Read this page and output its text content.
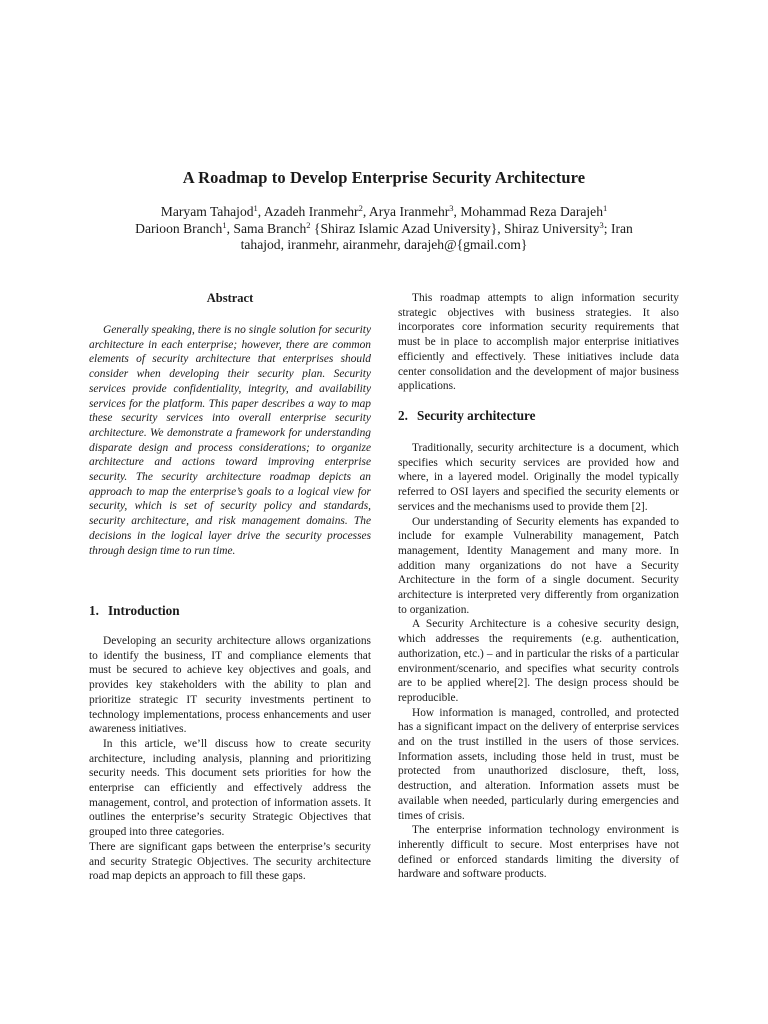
A Roadmap to Develop Enterprise Security Architecture
Maryam Tahajod$^1$, Azadeh Iranmehr$^2$, Arya Iranmehr$^3$, Mohammad Reza Darajeh$^1$
Darioon Branch$^1$, Sama Branch$^2$ {Shiraz Islamic Azad University}, Shiraz University$^3$; Iran
tahajod, iranmehr, airanmehr, darajeh@{gmail.com}
Abstract

Generally speaking, there is no single solution for security architecture in each enterprise; however, there are common elements of security architecture that enterprises should consider when developing their security plan. Security services provide confidentiality, integrity, and availability services for the platform. This paper describes a way to map these security services into overall enterprise security architecture. We demonstrate a framework for understanding disparate design and process considerations; to organize architecture and actions toward improving enterprise security. The security architecture roadmap depicts an approach to map the enterprise’s goals to a logical view for security, which is set of security policy and standards, security architecture, and risk management domains. The decisions in the logical layer drive the security processes through design time to run time.

1. Introduction

Developing an security architecture allows organizations to identify the business, IT and compliance elements that must be secured to achieve key objectives and goals, and provides key stakeholders with the ability to plan and prioritize strategic IT security investments pertinent to technology implementations, process enhancements and user awareness initiatives.

In this article, we’ll discuss how to create security architecture, including analysis, planning and prioritizing security needs. This document sets priorities for how the enterprise can efficiently and effectively address the management, control, and protection of information assets. It outlines the enterprise’s security Strategic Objectives that grouped into three categories.

There are significant gaps between the enterprise’s security and security Strategic Objectives. The security architecture road map depicts an approach to fill these gaps.

This roadmap attempts to align information security strategic objectives with business strategies. It also incorporates core information security requirements that must be in place to accomplish major enterprise initiatives efficiently and effectively. These initiatives include data center consolidation and the development of major business applications.

2. Security architecture

Traditionally, security architecture is a document, which specifies which security services are provided how and where, in a layered model. Originally the model typically referred to OSI layers and specified the security elements or services and the mechanisms used to provide them [2].

Our understanding of Security elements has expanded to include for example Vulnerability management, Patch management, Identity Management and many more. In addition many organizations do not have a Security Architecture in the form of a single document. Security architecture is interpreted very differently from organization to organization.

A Security Architecture is a cohesive security design, which addresses the requirements (e.g. authentication, authorization, etc.) – and in particular the risks of a particular environment/scenario, and specifies what security controls are to be applied where[2]. The design process should be reproducible.

How information is managed, controlled, and protected has a significant impact on the delivery of enterprise services and on the trust instilled in the users of those services. Information assets, including those held in trust, must be protected from unauthorized disclosure, theft, loss, destruction, and alteration. Information assets must be available when needed, particularly during emergencies and times of crisis.

The enterprise information technology environment is inherently difficult to secure. Most enterprises have not defined or enforced standards limiting the diversity of hardware and software products.
